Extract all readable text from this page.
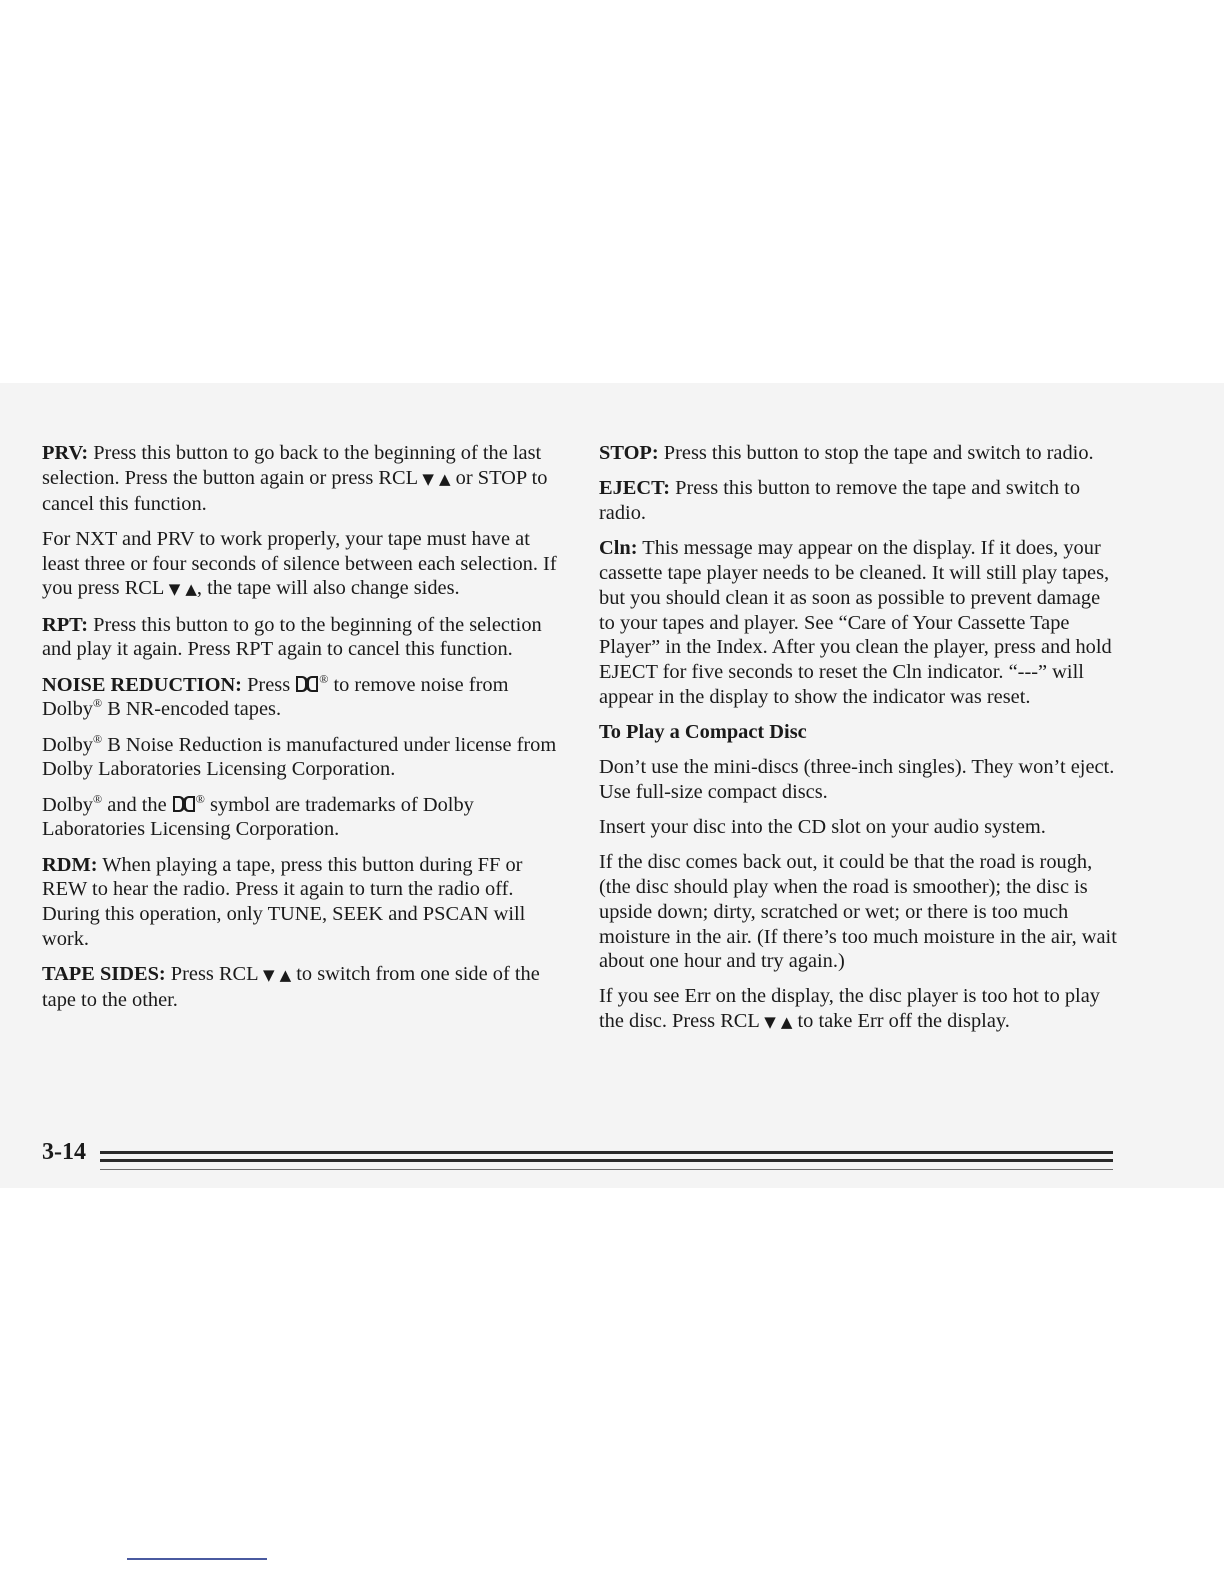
PRV: Press this button to go back to the beginning of the last selection. Press the button again or press RCL ▼ ▲ or STOP to cancel this function.

For NXT and PRV to work properly, your tape must have at least three or four seconds of silence between each selection. If you press RCL ▼ ▲, the tape will also change sides.

RPT: Press this button to go to the beginning of the selection and play it again. Press RPT again to cancel this function.

NOISE REDUCTION: Press
® to remove noise from Dolby® B NR-encoded tapes.

Dolby® B Noise Reduction is manufactured under license from Dolby Laboratories Licensing Corporation.

Dolby® and the
® symbol are trademarks of Dolby Laboratories Licensing Corporation.

RDM: When playing a tape, press this button during FF or REW to hear the radio. Press it again to turn the radio off. During this operation, only TUNE, SEEK and PSCAN will work.

TAPE SIDES: Press RCL ▼ ▲ to switch from one side of the tape to the other.

STOP: Press this button to stop the tape and switch to radio.

EJECT: Press this button to remove the tape and switch to radio.

Cln: This message may appear on the display. If it does, your cassette tape player needs to be cleaned. It will still play tapes, but you should clean it as soon as possible to prevent damage to your tapes and player. See “Care of Your Cassette Tape Player” in the Index. After you clean the player, press and hold EJECT for five seconds to reset the Cln indicator. “---” will appear in the display to show the indicator was reset.

To Play a Compact Disc

Don’t use the mini-discs (three-inch singles). They won’t eject. Use full-size compact discs.

Insert your disc into the CD slot on your audio system.

If the disc comes back out, it could be that the road is rough, (the disc should play when the road is smoother); the disc is upside down; dirty, scratched or wet; or there is too much moisture in the air. (If there’s too much moisture in the air, wait about one hour and try again.)

If you see Err on the display, the disc player is too hot to play the disc. Press RCL ▼ ▲ to take Err off the display.

3-14
